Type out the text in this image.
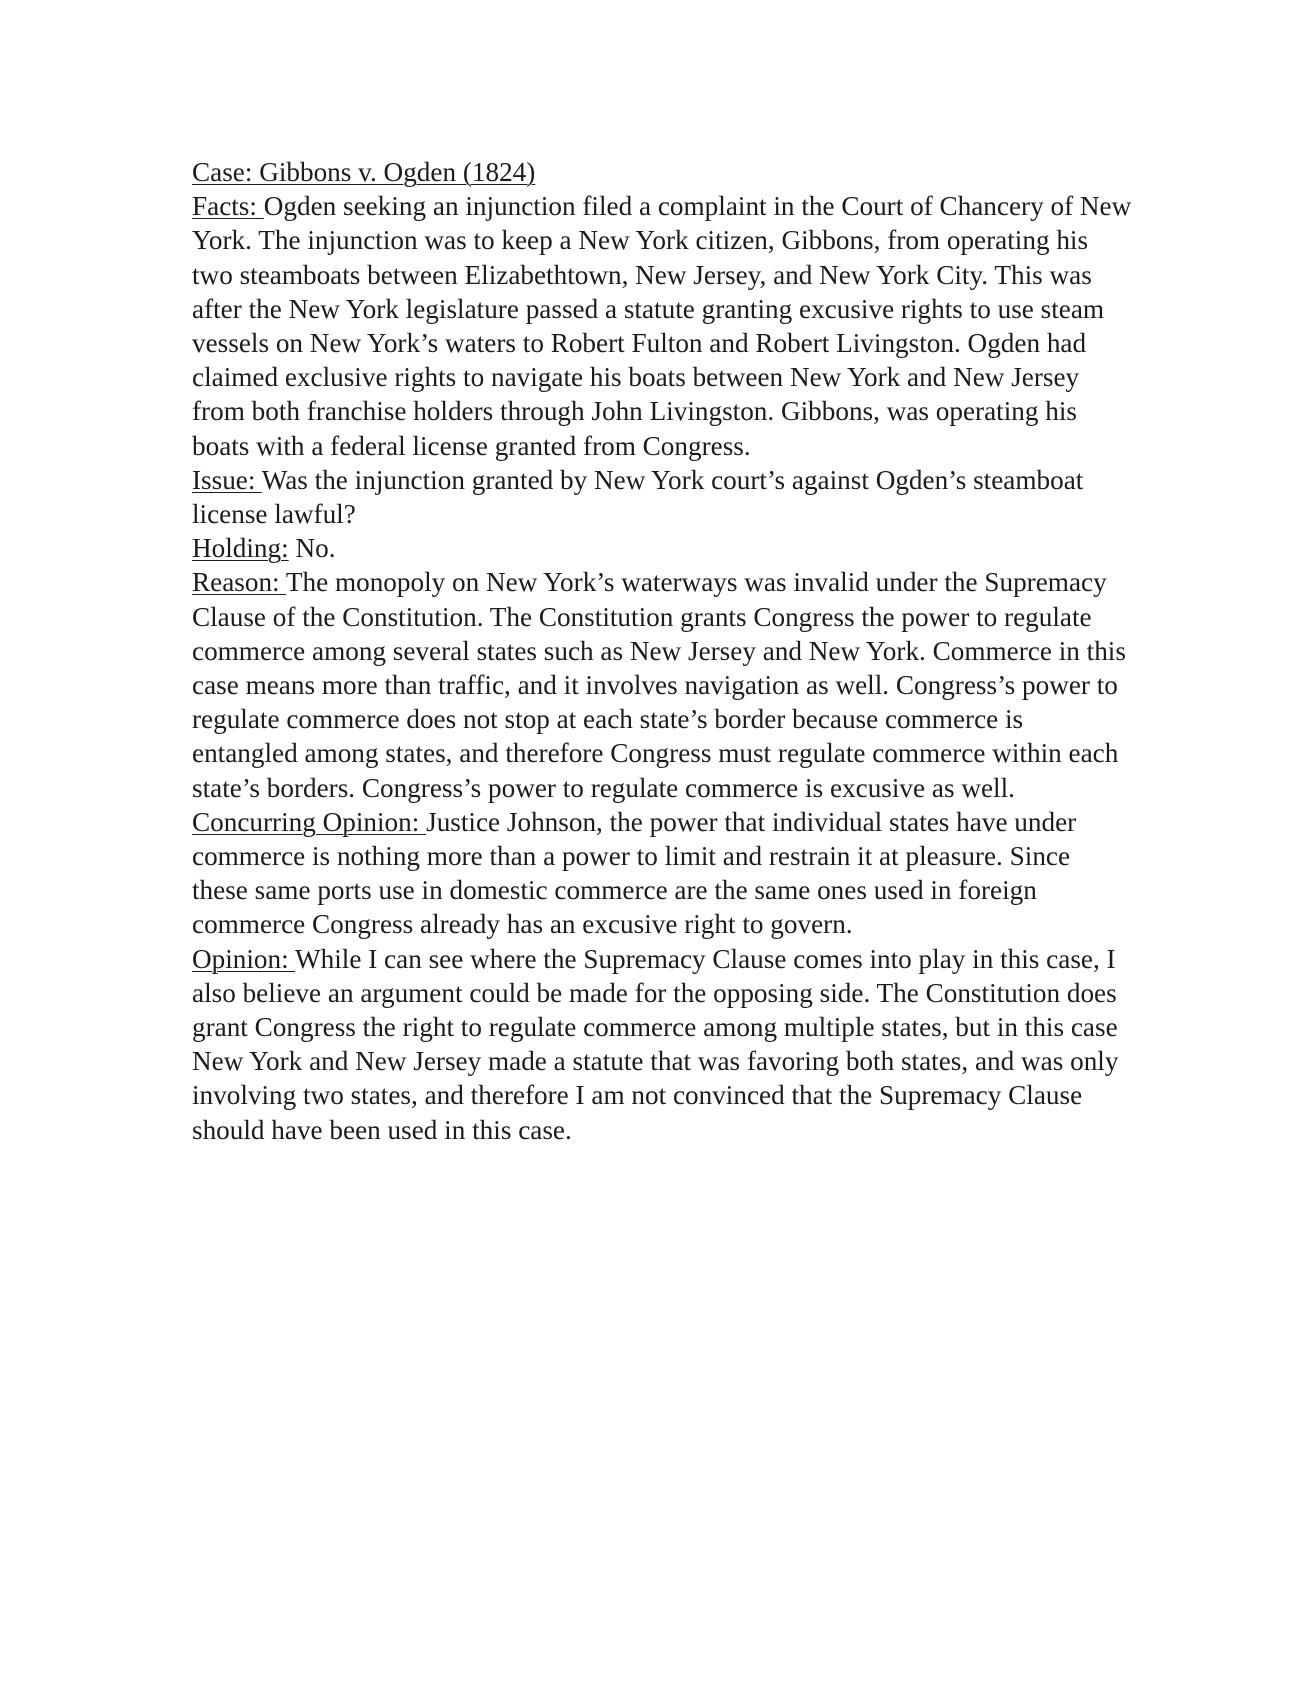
Case: Gibbons v. Ogden (1824)

Facts: Ogden seeking an injunction filed a complaint in the Court of Chancery of New York. The injunction was to keep a New York citizen, Gibbons, from operating his two steamboats between Elizabethtown, New Jersey, and New York City. This was after the New York legislature passed a statute granting excusive rights to use steam vessels on New York’s waters to Robert Fulton and Robert Livingston. Ogden had claimed exclusive rights to navigate his boats between New York and New Jersey from both franchise holders through John Livingston. Gibbons, was operating his boats with a federal license granted from Congress.

Issue: Was the injunction granted by New York court’s against Ogden’s steamboat license lawful?

Holding: No.

Reason: The monopoly on New York’s waterways was invalid under the Supremacy Clause of the Constitution. The Constitution grants Congress the power to regulate commerce among several states such as New Jersey and New York. Commerce in this case means more than traffic, and it involves navigation as well. Congress’s power to regulate commerce does not stop at each state’s border because commerce is entangled among states, and therefore Congress must regulate commerce within each state’s borders. Congress’s power to regulate commerce is excusive as well.

Concurring Opinion: Justice Johnson, the power that individual states have under commerce is nothing more than a power to limit and restrain it at pleasure. Since these same ports use in domestic commerce are the same ones used in foreign commerce Congress already has an excusive right to govern.

Opinion: While I can see where the Supremacy Clause comes into play in this case, I also believe an argument could be made for the opposing side. The Constitution does grant Congress the right to regulate commerce among multiple states, but in this case New York and New Jersey made a statute that was favoring both states, and was only involving two states, and therefore I am not convinced that the Supremacy Clause should have been used in this case.
